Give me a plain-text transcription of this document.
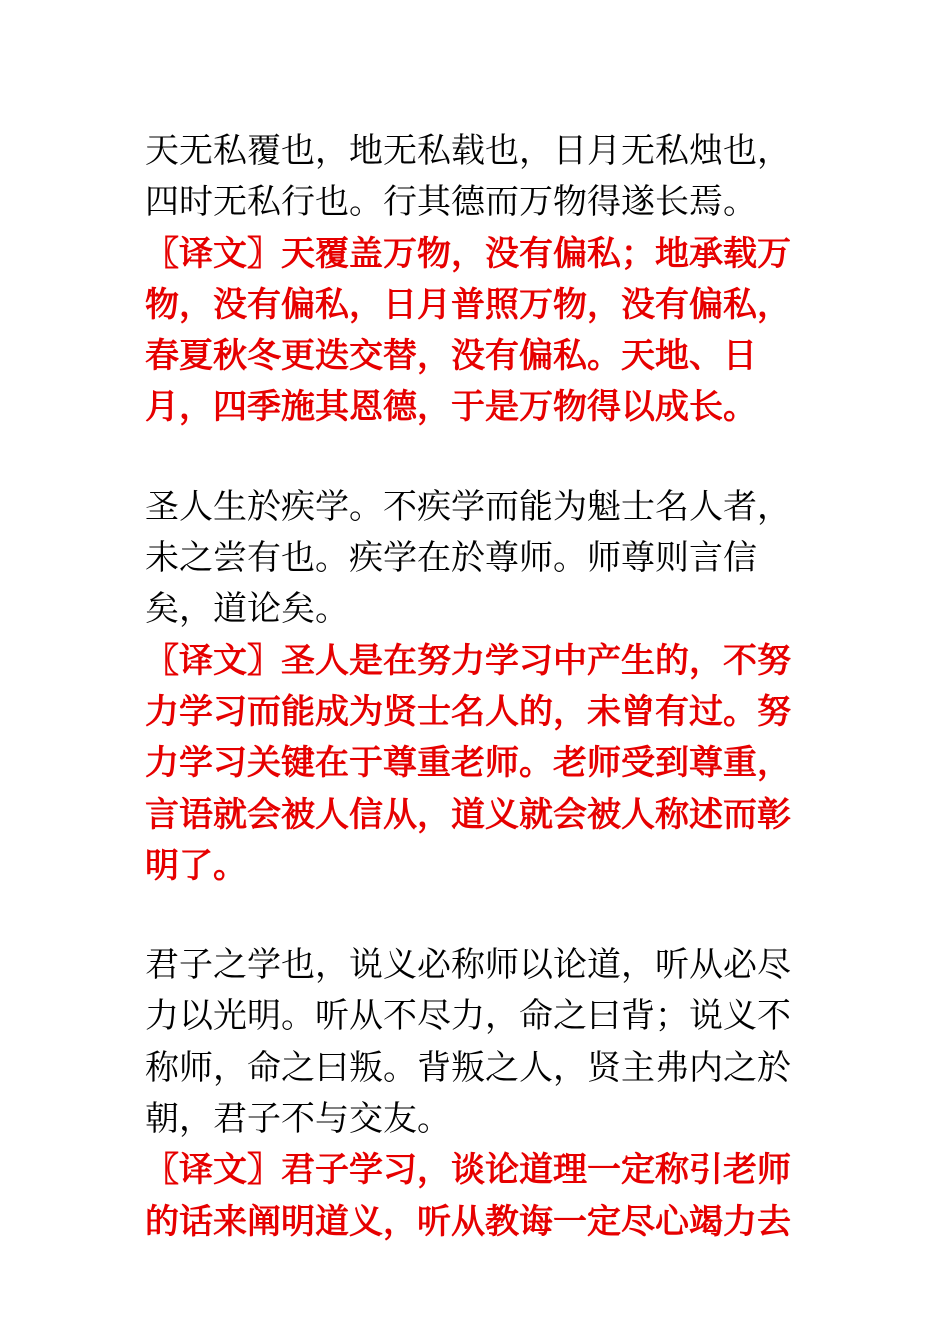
天无私覆也，地无私载也，日月无私烛也，四时无私行也。行其德而万物得遂长焉。

〖译文〗天覆盖万物，没有偏私；地承载万物，没有偏私，日月普照万物，没有偏私，春夏秋冬更迭交替，没有偏私。天地、日月，四季施其恩德，于是万物得以成长。

圣人生於疾学。不疾学而能为魁士名人者，未之尝有也。疾学在於尊师。师尊则言信矣，道论矣。

〖译文〗圣人是在努力学习中产生的，不努力学习而能成为贤士名人的，未曾有过。努力学习关键在于尊重老师。老师受到尊重，言语就会被人信从，道义就会被人称述而彰明了。

君子之学也，说义必称师以论道，听从必尽力以光明。听从不尽力，命之曰背；说义不称师，命之曰叛。背叛之人，贤主弗内之於朝，君子不与交友。

〖译文〗君子学习，谈论道理一定称引老师的话来阐明道义，听从教诲一定尽心竭力去
